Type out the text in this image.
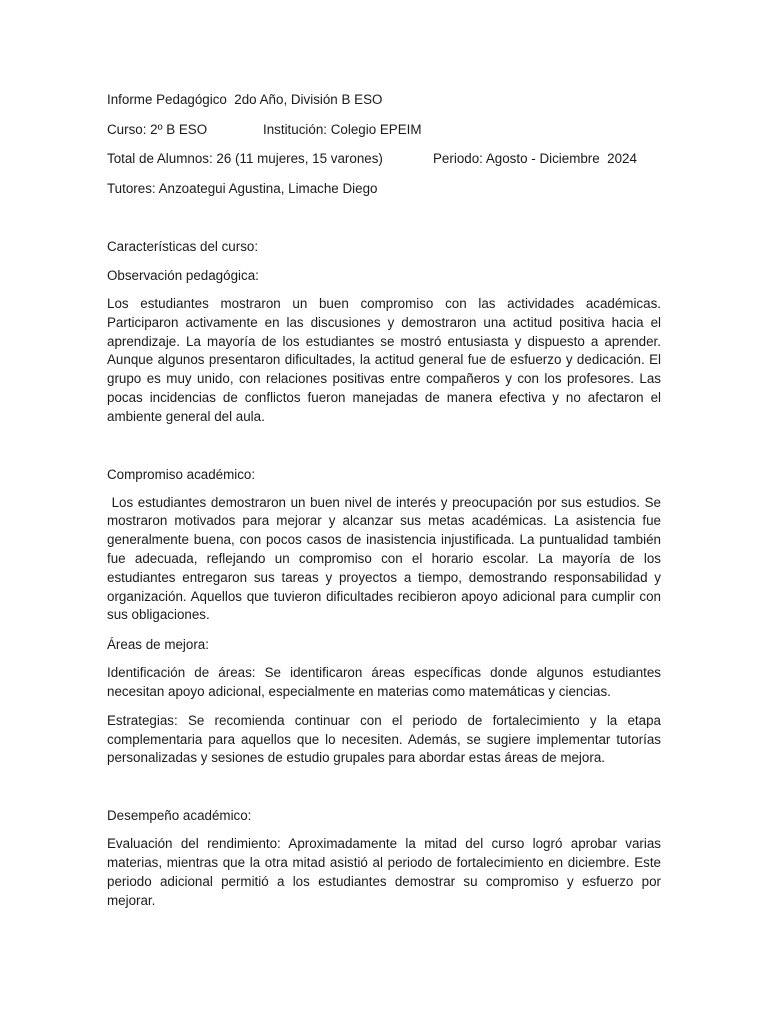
Informe Pedagógico  2do Año, División B ESO

Curso: 2º B ESO	Institución: Colegio EPEIM

Total de Alumnos: 26 (11 mujeres, 15 varones)	Periodo: Agosto - Diciembre  2024

Tutores: Anzoategui Agustina, Limache Diego

Características del curso:

Observación pedagógica:

Los estudiantes mostraron un buen compromiso con las actividades académicas. Participaron activamente en las discusiones y demostraron una actitud positiva hacia el aprendizaje. La mayoría de los estudiantes se mostró entusiasta y dispuesto a aprender. Aunque algunos presentaron dificultades, la actitud general fue de esfuerzo y dedicación. El grupo es muy unido, con relaciones positivas entre compañeros y con los profesores. Las pocas incidencias de conflictos fueron manejadas de manera efectiva y no afectaron el ambiente general del aula.

Compromiso académico:

Los estudiantes demostraron un buen nivel de interés y preocupación por sus estudios. Se mostraron motivados para mejorar y alcanzar sus metas académicas. La asistencia fue generalmente buena, con pocos casos de inasistencia injustificada. La puntualidad también fue adecuada, reflejando un compromiso con el horario escolar. La mayoría de los estudiantes entregaron sus tareas y proyectos a tiempo, demostrando responsabilidad y organización. Aquellos que tuvieron dificultades recibieron apoyo adicional para cumplir con sus obligaciones.

Áreas de mejora:

Identificación de áreas: Se identificaron áreas específicas donde algunos estudiantes necesitan apoyo adicional, especialmente en materias como matemáticas y ciencias.

Estrategias: Se recomienda continuar con el periodo de fortalecimiento y la etapa complementaria para aquellos que lo necesiten. Además, se sugiere implementar tutorías personalizadas y sesiones de estudio grupales para abordar estas áreas de mejora.

Desempeño académico:

Evaluación del rendimiento: Aproximadamente la mitad del curso logró aprobar varias materias, mientras que la otra mitad asistió al periodo de fortalecimiento en diciembre. Este periodo adicional permitió a los estudiantes demostrar su compromiso y esfuerzo por mejorar.
